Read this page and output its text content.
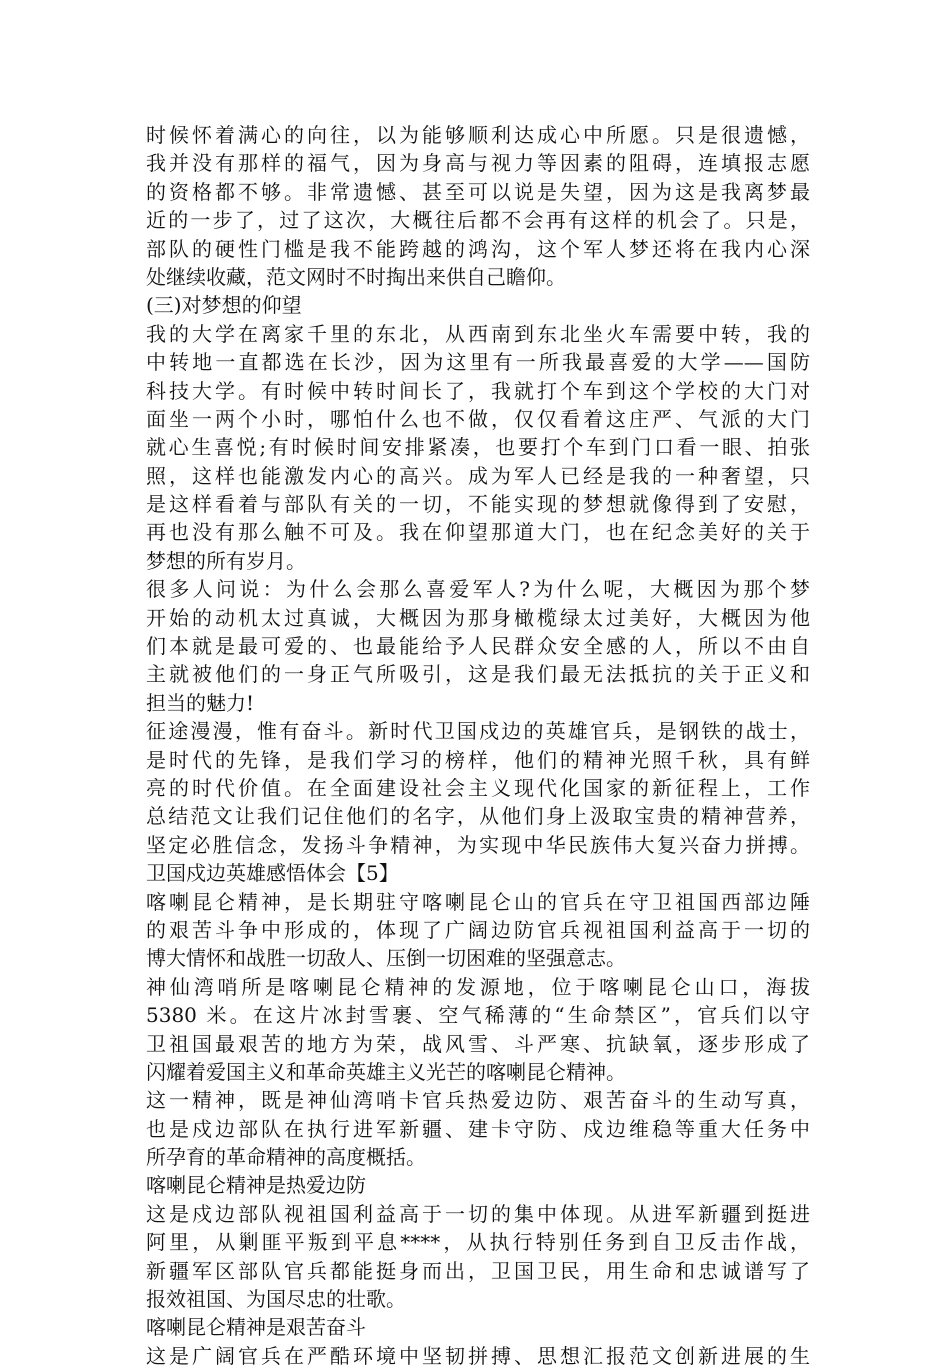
时候怀着满心的向往，以为能够顺利达成心中所愿。只是很遗憾，
我并没有那样的福气，因为身高与视力等因素的阻碍，连填报志愿
的资格都不够。非常遗憾、甚至可以说是失望，因为这是我离梦最
近的一步了，过了这次，大概往后都不会再有这样的机会了。只是，
部队的硬性门槛是我不能跨越的鸿沟，这个军人梦还将在我内心深
处继续收藏，范文网时不时掏出来供自己瞻仰。
(三)对梦想的仰望
我的大学在离家千里的东北，从西南到东北坐火车需要中转，我的
中转地一直都选在长沙，因为这里有一所我最喜爱的大学——国防
科技大学。有时候中转时间长了，我就打个车到这个学校的大门对
面坐一两个小时，哪怕什么也不做，仅仅看着这庄严、气派的大门
就心生喜悦;有时候时间安排紧凑，也要打个车到门口看一眼、拍张
照，这样也能激发内心的高兴。成为军人已经是我的一种奢望，只
是这样看着与部队有关的一切，不能实现的梦想就像得到了安慰，
再也没有那么触不可及。我在仰望那道大门，也在纪念美好的关于
梦想的所有岁月。
很多人问说：为什么会那么喜爱军人?为什么呢，大概因为那个梦
开始的动机太过真诚，大概因为那身橄榄绿太过美好，大概因为他
们本就是最可爱的、也最能给予人民群众安全感的人，所以不由自
主就被他们的一身正气所吸引，这是我们最无法抵抗的关于正义和
担当的魅力!
征途漫漫，惟有奋斗。新时代卫国戍边的英雄官兵，是钢铁的战士，
是时代的先锋，是我们学习的榜样，他们的精神光照千秋，具有鲜
亮的时代价值。在全面建设社会主义现代化国家的新征程上，工作
总结范文让我们记住他们的名字，从他们身上汲取宝贵的精神营养，
坚定必胜信念，发扬斗争精神，为实现中华民族伟大复兴奋力拼搏。
卫国戍边英雄感悟体会【5】
喀喇昆仑精神，是长期驻守喀喇昆仑山的官兵在守卫祖国西部边陲
的艰苦斗争中形成的，体现了广阔边防官兵视祖国利益高于一切的
博大情怀和战胜一切敌人、压倒一切困难的坚强意志。
神仙湾哨所是喀喇昆仑精神的发源地，位于喀喇昆仑山口，海拔
5380 米。在这片冰封雪裹、空气稀薄的“生命禁区”，官兵们以守
卫祖国最艰苦的地方为荣，战风雪、斗严寒、抗缺氧，逐步形成了
闪耀着爱国主义和革命英雄主义光芒的喀喇昆仑精神。
这一精神，既是神仙湾哨卡官兵热爱边防、艰苦奋斗的生动写真，
也是戍边部队在执行进军新疆、建卡守防、戍边维稳等重大任务中
所孕育的革命精神的高度概括。
喀喇昆仑精神是热爱边防
这是戍边部队视祖国利益高于一切的集中体现。从进军新疆到挺进
阿里，从剿匪平叛到平息****，从执行特别任务到自卫反击作战，
新疆军区部队官兵都能挺身而出，卫国卫民，用生命和忠诚谱写了
报效祖国、为国尽忠的壮歌。
喀喇昆仑精神是艰苦奋斗
这是广阔官兵在严酷环境中坚韧拼搏、思想汇报范文创新进展的生
